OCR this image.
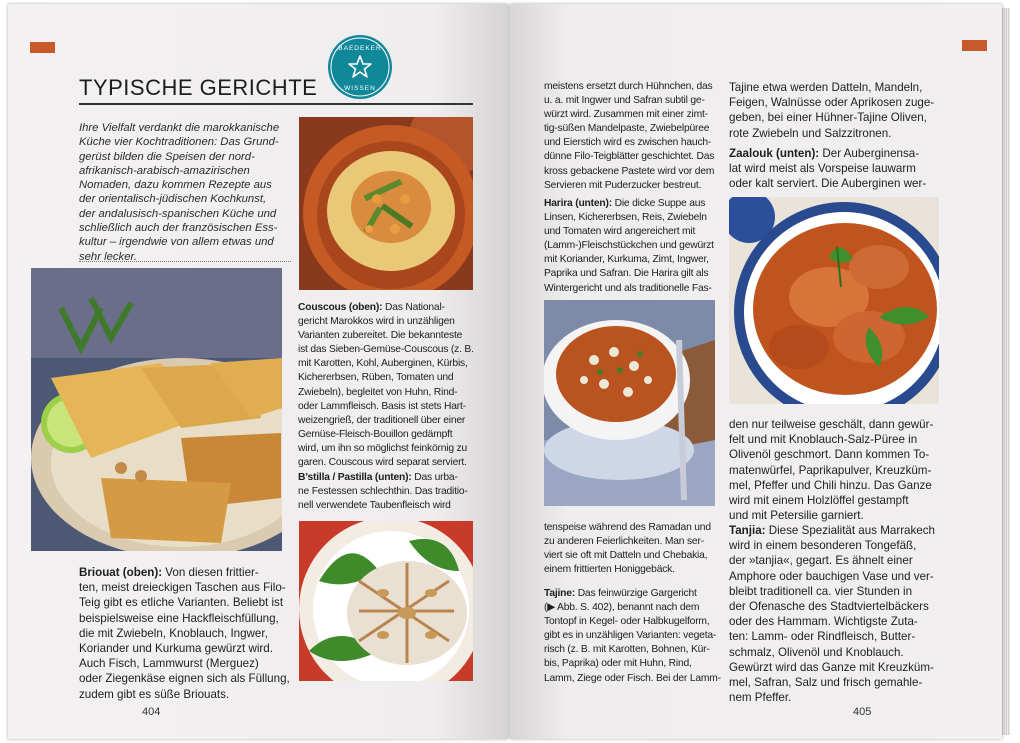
TYPISCHE GERICHTE
BAEDEKER
WISSEN
Ihre Vielfalt verdankt die marokkanische
Küche vier Kochtraditionen: Das Grund-
gerüst bilden die Speisen der nord-
afrikanisch-arabisch-amazirischen
Nomaden, dazu kommen Rezepte aus
der orientalisch-jüdischen Kochkunst,
der andalusisch-spanischen Küche und
schließlich auch der französischen Ess-
kultur – irgendwie von allem etwas und
sehr lecker.
Couscous (oben): Das National-
gericht Marokkos wird in unzähligen
Varianten zubereitet. Die bekannteste
ist das Sieben-Gemüse-Couscous (z. B.
mit Karotten, Kohl, Auberginen, Kürbis,
Kichererbsen, Rüben, Tomaten und
Zwiebeln), begleitet von Huhn, Rind-
oder Lammfleisch. Basis ist stets Hart-
weizengrieß, der traditionell über einer
Gemüse-Fleisch-Bouillon gedämpft
wird, um ihn so möglichst feinkörnig zu
garen. Couscous wird separat serviert.
B’stilla / Pastilla (unten): Das urba-
ne Festessen schlechthin. Das traditio-
nell verwendete Taubenfleisch wird
Briouat (oben): Von diesen frittier-
ten, meist dreieckigen Taschen aus Filo-
Teig gibt es etliche Varianten. Beliebt ist
beispielsweise eine Hackfleischfüllung,
die mit Zwiebeln, Knoblauch, Ingwer,
Koriander und Kurkuma gewürzt wird.
Auch Fisch, Lammwurst (Merguez)
oder Ziegenkäse eignen sich als Füllung,
zudem gibt es süße Briouats.
404
meistens ersetzt durch Hühnchen, das
u. a. mit Ingwer und Safran subtil ge-
würzt wird. Zusammen mit einer zimt-
tig-süßen Mandelpaste, Zwiebelpüree
und Eierstich wird es zwischen hauch-
dünne Filo-Teigblätter geschichtet. Das
kross gebackene Pastete wird vor dem
Servieren mit Puderzucker bestreut.
Harira (unten): Die dicke Suppe aus
Linsen, Kichererbsen, Reis, Zwiebeln
und Tomaten wird angereichert mit
(Lamm-)Fleischstückchen und gewürzt
mit Koriander, Kurkuma, Zimt, Ingwer,
Paprika und Safran. Die Harira gilt als
Wintergericht und als traditionelle Fas-
tenspeise während des Ramadan und
zu anderen Feierlichkeiten. Man ser-
viert sie oft mit Datteln und Chebakia,
einem frittierten Honiggebäck.
Tajine: Das feinwürzige Gargericht
(▶ Abb. S. 402), benannt nach dem
Tontopf in Kegel- oder Halbkugelform,
gibt es in unzähligen Varianten: vegeta-
risch (z. B. mit Karotten, Bohnen, Kür-
bis, Paprika) oder mit Huhn, Rind,
Lamm, Ziege oder Fisch. Bei der Lamm-
Tajine etwa werden Datteln, Mandeln,
Feigen, Walnüsse oder Aprikosen zuge-
geben, bei einer Hühner-Tajine Oliven,
rote Zwiebeln und Salzzitronen.
Zaalouk (unten): Der Auberginensa-
lat wird meist als Vorspeise lauwarm
oder kalt serviert. Die Auberginen wer-
den nur teilweise geschält, dann gewür-
felt und mit Knoblauch-Salz-Püree in
Olivenöl geschmort. Dann kommen To-
matenwürfel, Paprikapulver, Kreuzküm-
mel, Pfeffer und Chili hinzu. Das Ganze
wird mit einem Holzlöffel gestampft
und mit Petersilie garniert.
Tanjia: Diese Spezialität aus Marrakech
wird in einem besonderen Tongefäß,
der »tanjia«, gegart. Es ähnelt einer
Amphore oder bauchigen Vase und ver-
bleibt traditionell ca. vier Stunden in
der Ofenasche des Stadtviertelbäckers
oder des Hammam. Wichtigste Zuta-
ten: Lamm- oder Rindfleisch, Butter-
schmalz, Olivenöl und Knoblauch.
Gewürzt wird das Ganze mit Kreuzküm-
mel, Safran, Salz und frisch gemahle-
nem Pfeffer.
405
